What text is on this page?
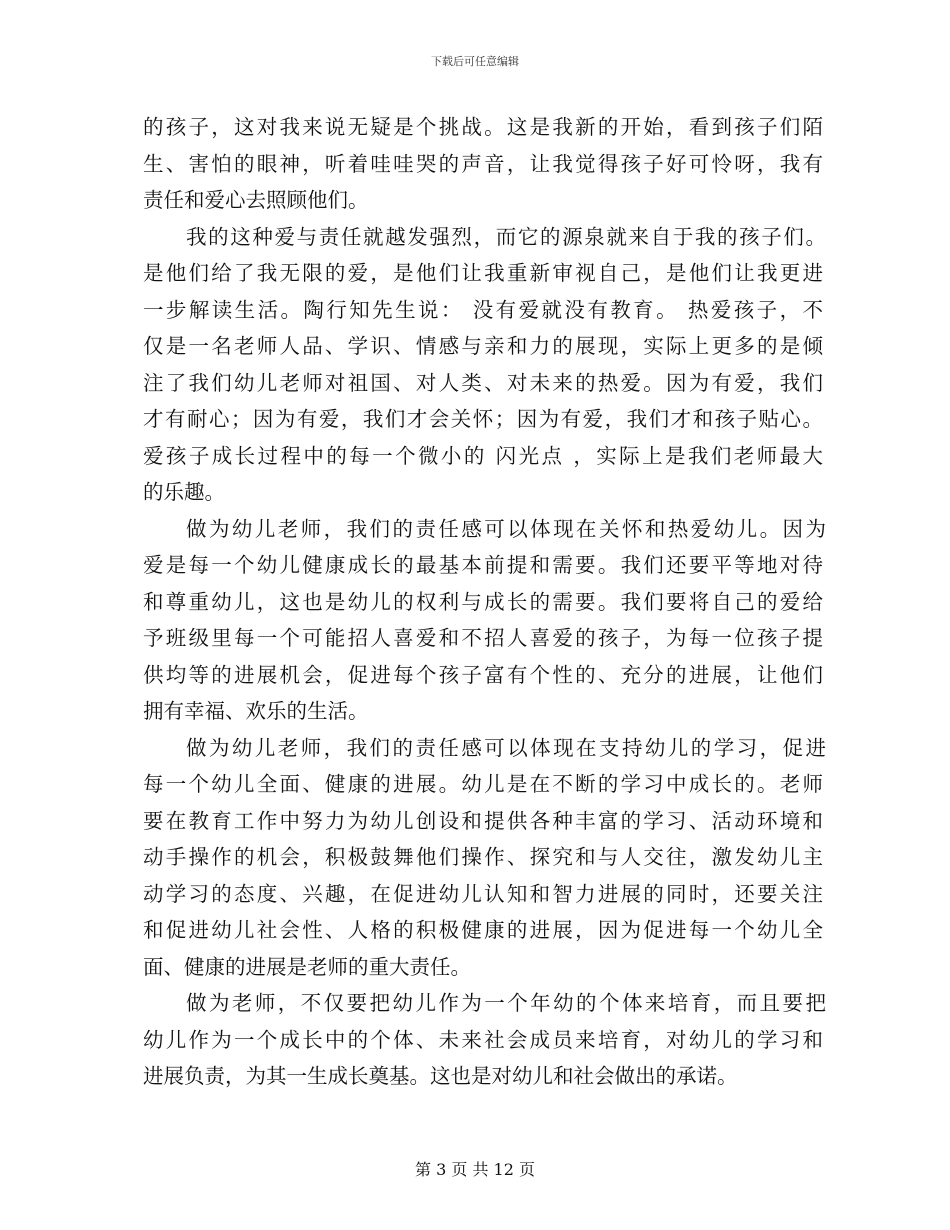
下载后可任意编辑
的孩子，这对我来说无疑是个挑战。这是我新的开始，看到孩子们陌
生、害怕的眼神，听着哇哇哭的声音，让我觉得孩子好可怜呀，我有
责任和爱心去照顾他们。
我的这种爱与责任就越发强烈，而它的源泉就来自于我的孩子们。
是他们给了我无限的爱，是他们让我重新审视自己，是他们让我更进
一步解读生活。陶行知先生说： 没有爱就没有教育。 热爱孩子，不
仅是一名老师人品、学识、情感与亲和力的展现，实际上更多的是倾
注了我们幼儿老师对祖国、对人类、对未来的热爱。因为有爱，我们
才有耐心；因为有爱，我们才会关怀；因为有爱，我们才和孩子贴心。
爱孩子成长过程中的每一个微小的 闪光点 ，实际上是我们老师最大
的乐趣。
做为幼儿老师，我们的责任感可以体现在关怀和热爱幼儿。因为
爱是每一个幼儿健康成长的最基本前提和需要。我们还要平等地对待
和尊重幼儿，这也是幼儿的权利与成长的需要。我们要将自己的爱给
予班级里每一个可能招人喜爱和不招人喜爱的孩子，为每一位孩子提
供均等的进展机会，促进每个孩子富有个性的、充分的进展，让他们
拥有幸福、欢乐的生活。
做为幼儿老师，我们的责任感可以体现在支持幼儿的学习，促进
每一个幼儿全面、健康的进展。幼儿是在不断的学习中成长的。老师
要在教育工作中努力为幼儿创设和提供各种丰富的学习、活动环境和
动手操作的机会，积极鼓舞他们操作、探究和与人交往，激发幼儿主
动学习的态度、兴趣，在促进幼儿认知和智力进展的同时，还要关注
和促进幼儿社会性、人格的积极健康的进展，因为促进每一个幼儿全
面、健康的进展是老师的重大责任。
做为老师，不仅要把幼儿作为一个年幼的个体来培育，而且要把
幼儿作为一个成长中的个体、未来社会成员来培育，对幼儿的学习和
进展负责，为其一生成长奠基。这也是对幼儿和社会做出的承诺。
第 3 页 共 12 页
